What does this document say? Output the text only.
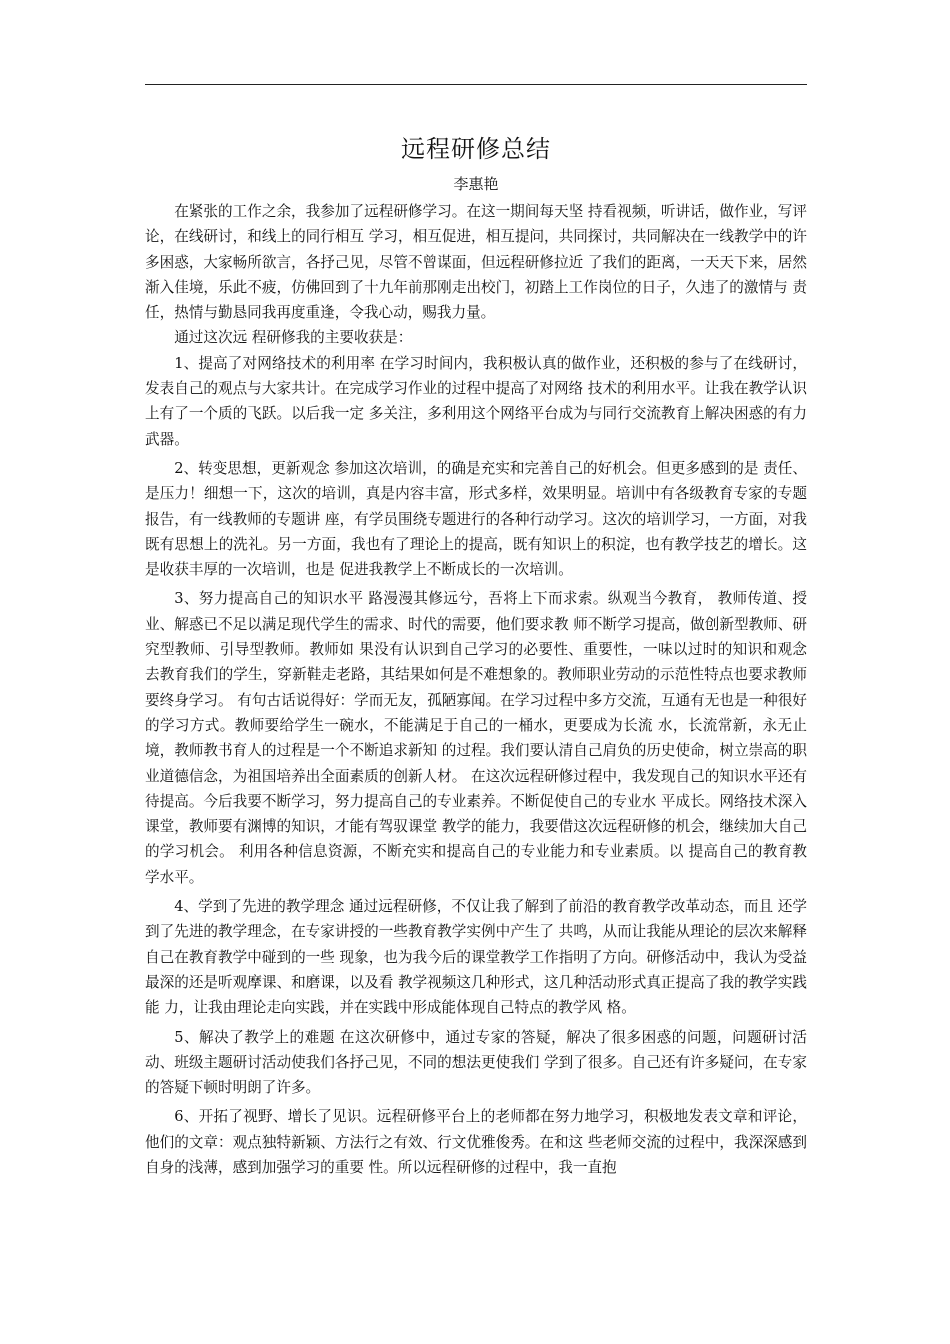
远程研修总结
李惠艳

在紧张的工作之余，我参加了远程研修学习。在这一期间每天坚 持看视频，听讲话，做作业，写评论，在线研讨，和线上的同行相互 学习，相互促进，相互提问，共同探讨，共同解决在一线教学中的许 多困惑，大家畅所欲言，各抒己见，尽管不曾谋面，但远程研修拉近 了我们的距离，一天天下来，居然渐入佳境，乐此不疲，仿佛回到了十九年前那刚走出校门，初踏上工作岗位的日子，久违了的激情与 责任，热情与勤恳同我再度重逢，令我心动，赐我力量。

通过这次远 程研修我的主要收获是：

1、提高了对网络技术的利用率 在学习时间内，我积极认真的做作业，还积极的参与了在线研讨， 发表自己的观点与大家共计。在完成学习作业的过程中提高了对网络 技术的利用水平。让我在教学认识上有了一个质的飞跃。以后我一定 多关注，多利用这个网络平台成为与同行交流教育上解决困惑的有力 武器。

2、转变思想，更新观念 参加这次培训，的确是充实和完善自己的好机会。但更多感到的是 责任、是压力！细想一下，这次的培训，真是内容丰富，形式多样，效果明显。培训中有各级教育专家的专题报告，有一线教师的专题讲 座，有学员围绕专题进行的各种行动学习。这次的培训学习，一方面，对我既有思想上的洗礼。另一方面，我也有了理论上的提高，既有知识上的积淀，也有教学技艺的增长。这是收获丰厚的一次培训，也是 促进我教学上不断成长的一次培训。

3、努力提高自己的知识水平 路漫漫其修远兮，吾将上下而求索。纵观当今教育， 教师传道、授业、解惑已不足以满足现代学生的需求、时代的需要，他们要求教 师不断学习提高，做创新型教师、研究型教师、引导型教师。教师如 果没有认识到自己学习的必要性、重要性，一味以过时的知识和观念 去教育我们的学生，穿新鞋走老路，其结果如何是不难想象的。教师职业劳动的示范性特点也要求教师要终身学习。 有句古话说得好：学而无友，孤陋寡闻。在学习过程中多方交流，互通有无也是一种很好的学习方式。教师要给学生一碗水，不能满足于自己的一桶水，更要成为长流 水，长流常新，永无止境，教师教书育人的过程是一个不断追求新知 的过程。我们要认清自己肩负的历史使命，树立崇高的职业道德信念，为祖国培养出全面素质的创新人材。 在这次远程研修过程中，我发现自己的知识水平还有待提高。今后我要不断学习，努力提高自己的专业素养。不断促使自己的专业水 平成长。网络技术深入课堂，教师要有渊博的知识，才能有驾驭课堂 教学的能力，我要借这次远程研修的机会，继续加大自己的学习机会。 利用各种信息资源，不断充实和提高自己的专业能力和专业素质。以 提高自己的教育教学水平。

4、学到了先进的教学理念 通过远程研修，不仅让我了解到了前沿的教育教学改革动态，而且 还学到了先进的教学理念，在专家讲授的一些教育教学实例中产生了 共鸣，从而让我能从理论的层次来解释自己在教育教学中碰到的一些 现象，也为我今后的课堂教学工作指明了方向。研修活动中，我认为受益最深的还是听观摩课、和磨课，以及看 教学视频这几种形式，这几种活动形式真正提高了我的教学实践能 力，让我由理论走向实践，并在实践中形成能体现自己特点的教学风 格。

5、解决了教学上的难题 在这次研修中，通过专家的答疑，解决了很多困惑的问题，问题研讨活动、班级主题研讨活动使我们各抒己见，不同的想法更使我们 学到了很多。自己还有许多疑问，在专家的答疑下顿时明朗了许多。

6、开拓了视野、增长了见识。远程研修平台上的老师都在努力地学习，积极地发表文章和评论，他们的文章：观点独特新颖、方法行之有效、行文优雅俊秀。在和这 些老师交流的过程中，我深深感到自身的浅薄，感到加强学习的重要 性。所以远程研修的过程中，我一直抱
